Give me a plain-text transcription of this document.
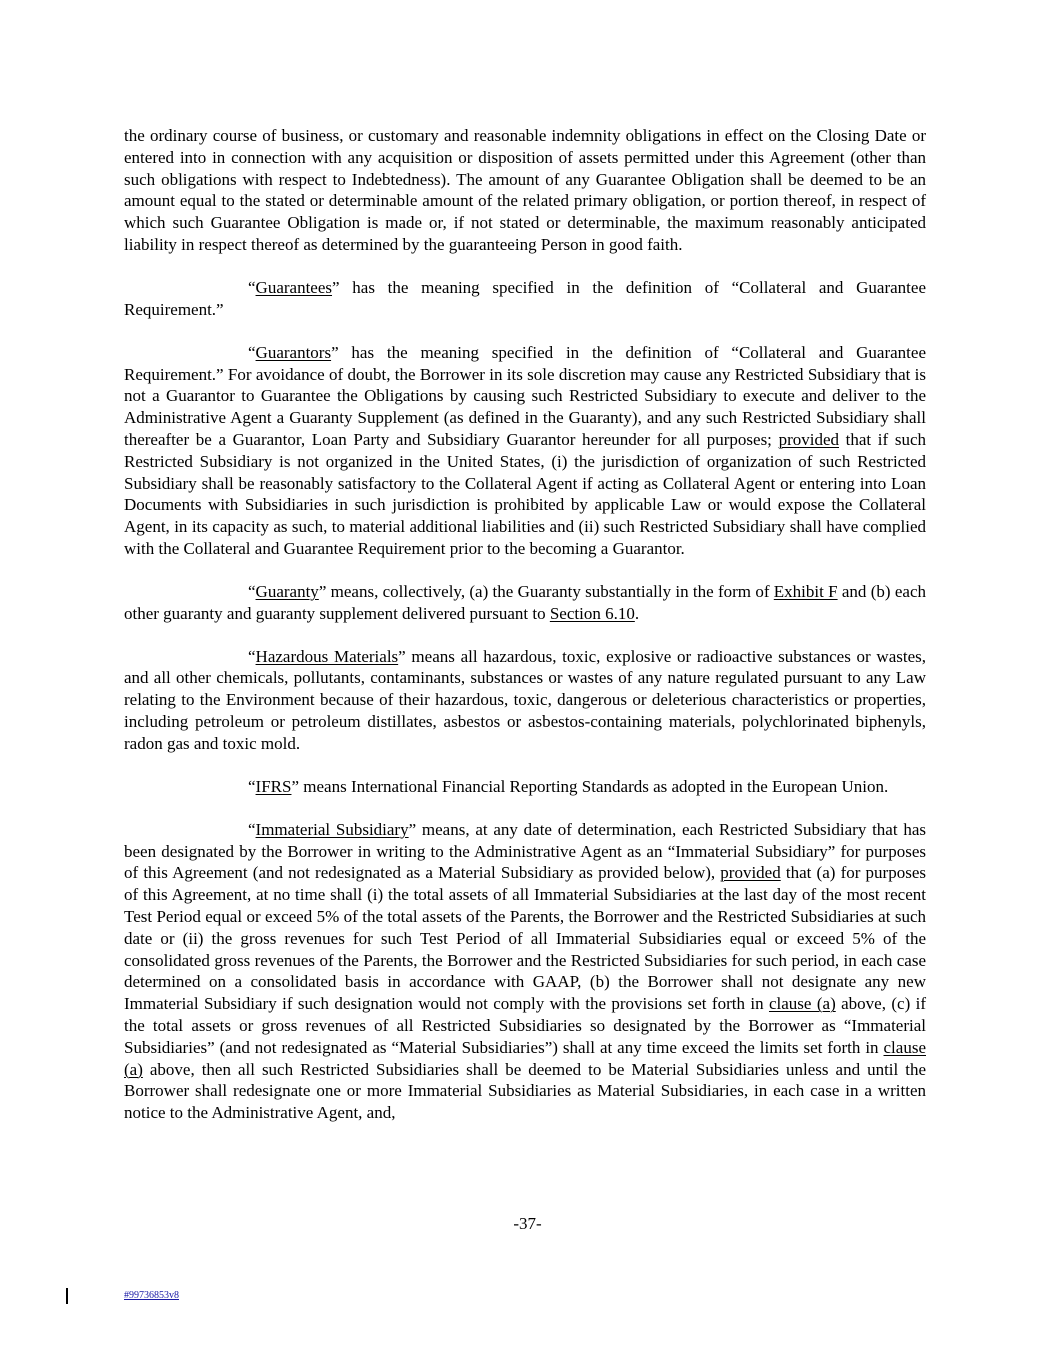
the ordinary course of business, or customary and reasonable indemnity obligations in effect on the Closing Date or entered into in connection with any acquisition or disposition of assets permitted under this Agreement (other than such obligations with respect to Indebtedness). The amount of any Guarantee Obligation shall be deemed to be an amount equal to the stated or determinable amount of the related primary obligation, or portion thereof, in respect of which such Guarantee Obligation is made or, if not stated or determinable, the maximum reasonably anticipated liability in respect thereof as determined by the guaranteeing Person in good faith.

“Guarantees” has the meaning specified in the definition of “Collateral and Guarantee Requirement.”

“Guarantors” has the meaning specified in the definition of “Collateral and Guarantee Requirement.” For avoidance of doubt, the Borrower in its sole discretion may cause any Restricted Subsidiary that is not a Guarantor to Guarantee the Obligations by causing such Restricted Subsidiary to execute and deliver to the Administrative Agent a Guaranty Supplement (as defined in the Guaranty), and any such Restricted Subsidiary shall thereafter be a Guarantor, Loan Party and Subsidiary Guarantor hereunder for all purposes; provided that if such Restricted Subsidiary is not organized in the United States, (i) the jurisdiction of organization of such Restricted Subsidiary shall be reasonably satisfactory to the Collateral Agent if acting as Collateral Agent or entering into Loan Documents with Subsidiaries in such jurisdiction is prohibited by applicable Law or would expose the Collateral Agent, in its capacity as such, to material additional liabilities and (ii) such Restricted Subsidiary shall have complied with the Collateral and Guarantee Requirement prior to the becoming a Guarantor.

“Guaranty” means, collectively, (a) the Guaranty substantially in the form of Exhibit F and (b) each other guaranty and guaranty supplement delivered pursuant to Section 6.10.

“Hazardous Materials” means all hazardous, toxic, explosive or radioactive substances or wastes, and all other chemicals, pollutants, contaminants, substances or wastes of any nature regulated pursuant to any Law relating to the Environment because of their hazardous, toxic, dangerous or deleterious characteristics or properties, including petroleum or petroleum distillates, asbestos or asbestos-containing materials, polychlorinated biphenyls, radon gas and toxic mold.

“IFRS” means International Financial Reporting Standards as adopted in the European Union.

“Immaterial Subsidiary” means, at any date of determination, each Restricted Subsidiary that has been designated by the Borrower in writing to the Administrative Agent as an “Immaterial Subsidiary” for purposes of this Agreement (and not redesignated as a Material Subsidiary as provided below), provided that (a) for purposes of this Agreement, at no time shall (i) the total assets of all Immaterial Subsidiaries at the last day of the most recent Test Period equal or exceed 5% of the total assets of the Parents, the Borrower and the Restricted Subsidiaries at such date or (ii) the gross revenues for such Test Period of all Immaterial Subsidiaries equal or exceed 5% of the consolidated gross revenues of the Parents, the Borrower and the Restricted Subsidiaries for such period, in each case determined on a consolidated basis in accordance with GAAP, (b) the Borrower shall not designate any new Immaterial Subsidiary if such designation would not comply with the provisions set forth in clause (a) above, (c) if the total assets or gross revenues of all Restricted Subsidiaries so designated by the Borrower as “Immaterial Subsidiaries” (and not redesignated as “Material Subsidiaries”) shall at any time exceed the limits set forth in clause (a) above, then all such Restricted Subsidiaries shall be deemed to be Material Subsidiaries unless and until the Borrower shall redesignate one or more Immaterial Subsidiaries as Material Subsidiaries, in each case in a written notice to the Administrative Agent, and,

-37-
#99736853v8
